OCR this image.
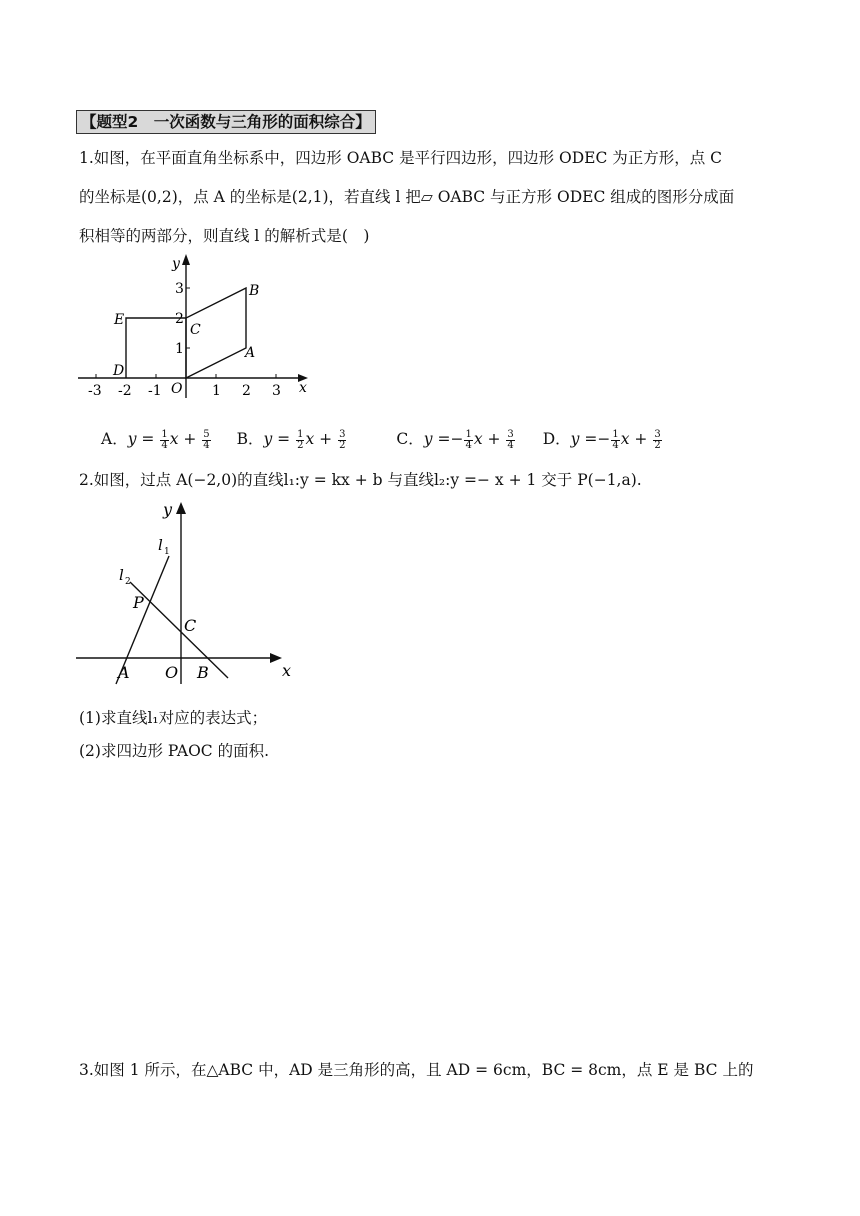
【题型2　一次函数与三角形的面积综合】
1.如图，在平面直角坐标系中，四边形 OABC 是平行四边形，四边形 ODEC 为正方形，点 C
的坐标是(0,2)，点 A 的坐标是(2,1)，若直线 l 把▱ OABC 与正方形 ODEC 组成的图形分成面
积相等的两部分，则直线 l 的解析式是(　)
-3 -2 -1	1 2 3
1
2
3
x
y
O
A
B
C
D
E
A．$y = \frac{1}{4}$ $x + \frac{5}{4}$ B．$y = \frac{1}{2}$ $x + \frac{3}{2}$	C．$y =- \frac{1}{4}$ $x + \frac{3}{4}$ D．$y =- \frac{1}{4}$ $x + \frac{3}{2}$
2.如图，过点 A(−2,0)的直线l₁:y = kx + b 与直线l₂:y =− x + 1 交于 P(−1,a).
x
y
l 1
l 2
P
C
A O B
(1)求直线l₁对应的表达式；
(2)求四边形 PAOC 的面积.
3.如图 1 所示，在△ABC 中，AD 是三角形的高，且 AD = 6cm，BC = 8cm，点 E 是 BC 上的
